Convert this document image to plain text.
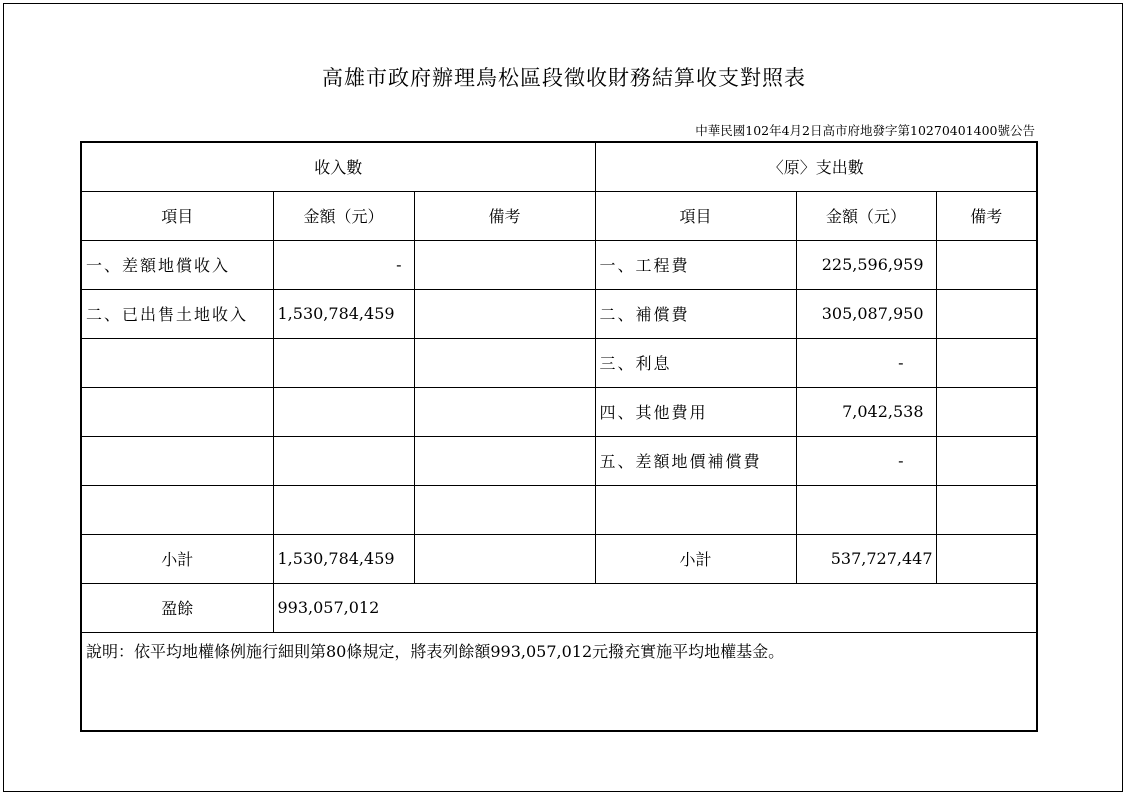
高雄市政府辦理鳥松區段徵收財務結算收支對照表
中華民國102年4月2日高市府地發字第10270401400號公告
收入數			〈原〉支出數		
項目	金額（元）	備考	項目	金額（元）	備考
一、差額地償收入	-		一、工程費	225,596,959	
二、已出售土地收入	1,530,784,459		二、補償費	305,087,950	
			三、利息	-	
			四、其他費用	7,042,538	
			五、差額地價補償費	-	

小計	1,530,784,459		小計	537,727,447	
盈餘	993,057,012				
說明：依平均地權條例施行細則第80條規定，將表列餘額993,057,012元撥充實施平均地權基金。					
